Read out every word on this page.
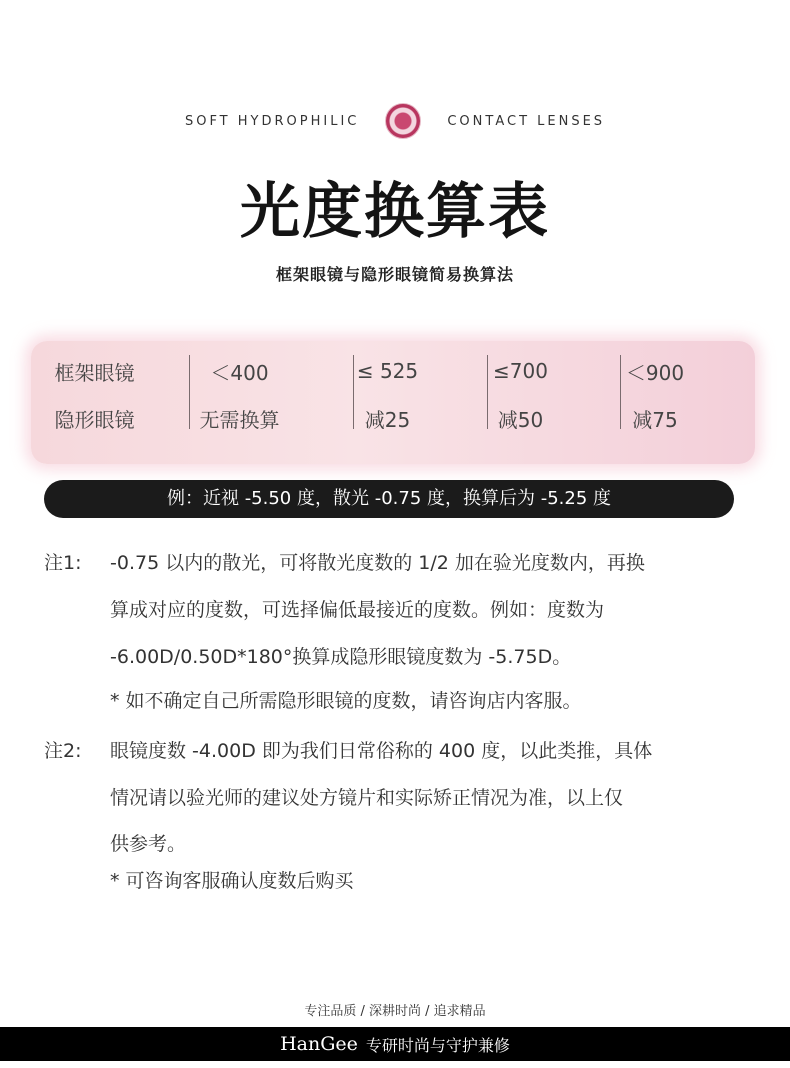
SOFT HYDROPHILIC	CONTACT LENSES
光度换算表
框架眼镜与隐形眼镜简易换算法
框架眼镜	＜400	≤ 525	≤700	＜900
隐形眼镜	无需换算	减25	减50	减75
例：近视 -5.50 度，散光 -0.75 度，换算后为 -5.25 度
注1: -0.75 以内的散光，可将散光度数的 1/2 加在验光度数内，再换
算成对应的度数，可选择偏低最接近的度数。例如：度数为
-6.00D/0.50D*180°换算成隐形眼镜度数为 -5.75D。
* 如不确定自己所需隐形眼镜的度数，请咨询店内客服。
注2: 眼镜度数 -4.00D 即为我们日常俗称的 400 度，以此类推，具体
情况请以验光师的建议处方镜片和实际矫正情况为准，以上仅
供参考。
* 可咨询客服确认度数后购买
专注品质 / 深耕时尚 / 追求精品
HanGee 专研时尚与守护兼修
